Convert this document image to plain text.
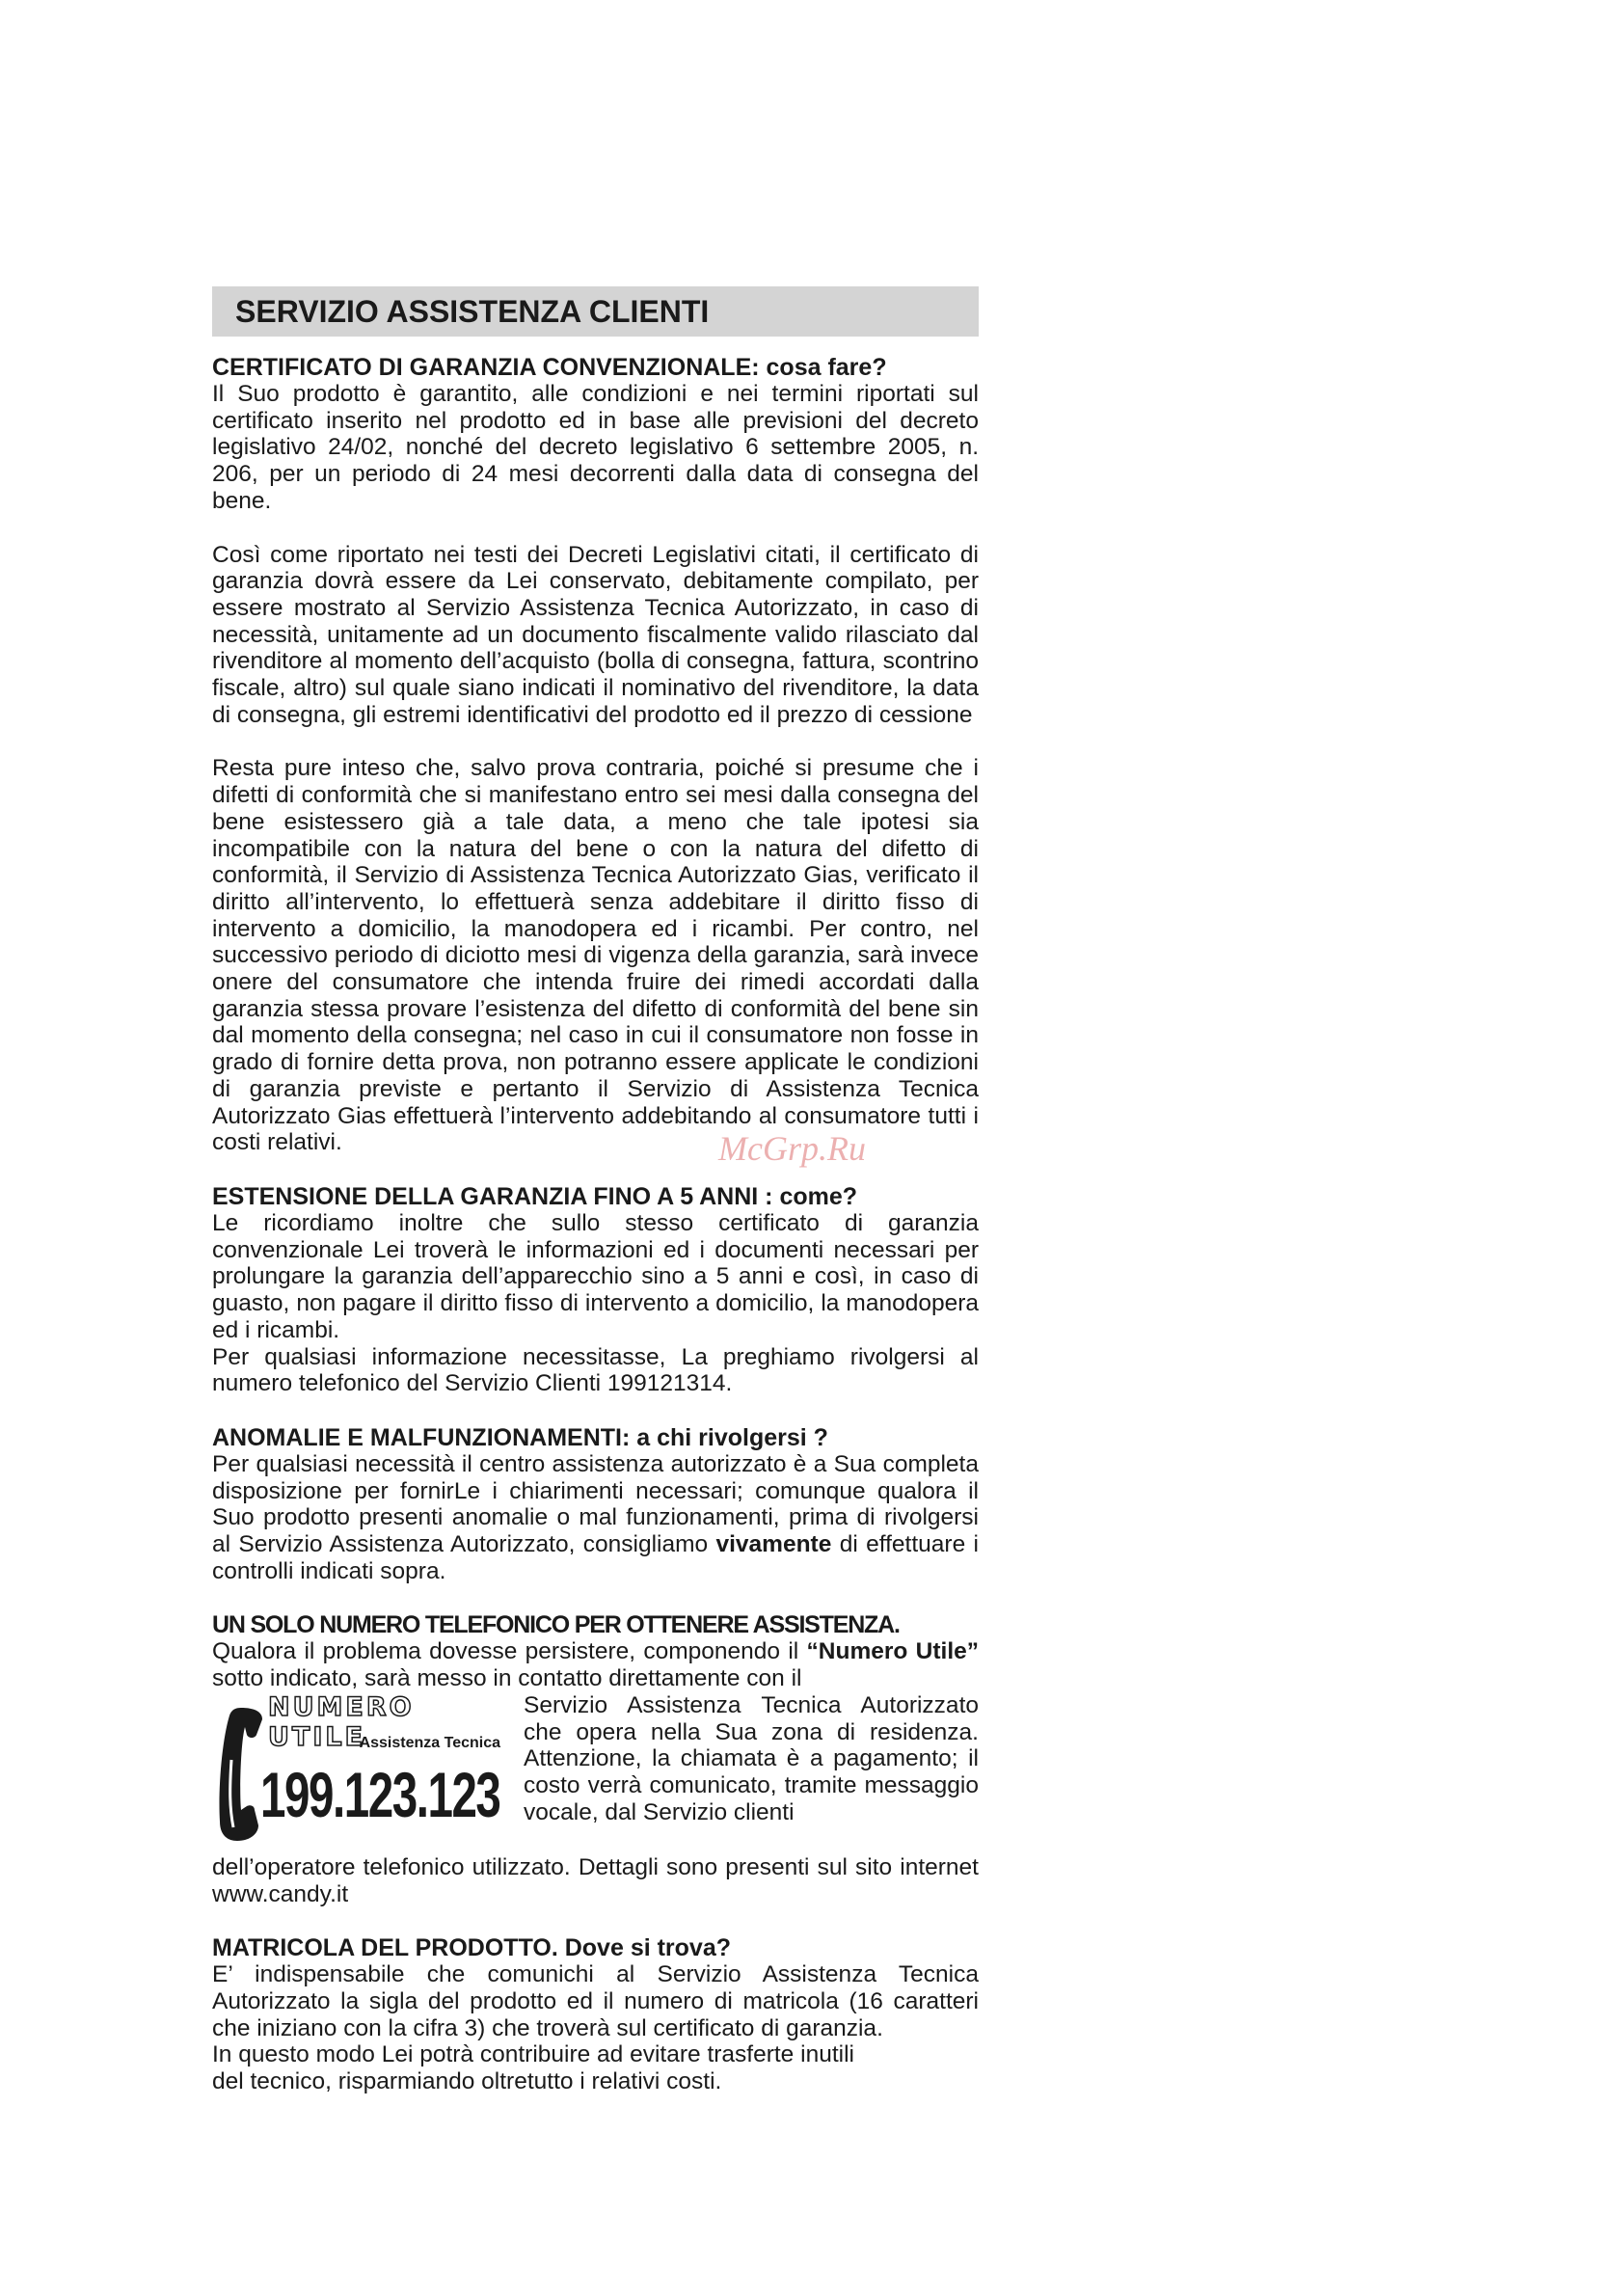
SERVIZIO ASSISTENZA CLIENTI
CERTIFICATO DI GARANZIA CONVENZIONALE: cosa fare?

Il Suo prodotto è garantito, alle condizioni e nei termini riportati sul certificato inserito nel prodotto ed in base alle previsioni del decreto legislativo 24/02, nonché del decreto legislativo 6 settembre 2005, n. 206, per un periodo di 24 mesi decorrenti dalla data di consegna del bene.

Così come riportato nei testi dei Decreti Legislativi citati, il certificato di garanzia dovrà essere da Lei conservato, debitamente compilato, per essere mostrato al Servizio Assistenza Tecnica Autorizzato, in caso di necessità, unitamente ad un documento fiscalmente valido rilasciato dal rivenditore al momento dell’acquisto (bolla di consegna, fattura, scontrino fiscale, altro) sul quale siano indicati il nominativo del rivenditore, la data di consegna, gli estremi identificativi del prodotto ed il prezzo di cessione

Resta pure inteso che, salvo prova contraria, poiché si presume che i difetti di conformità che si manifestano entro sei mesi dalla consegna del bene esistessero già a tale data, a meno che tale ipotesi sia incompatibile con la natura del bene o con la natura del difetto di conformità, il Servizio di Assistenza Tecnica Autorizzato Gias, verificato il diritto all’intervento, lo effettuerà senza addebitare il diritto fisso di intervento a domicilio, la manodopera ed i ricambi. Per contro, nel successivo periodo di diciotto mesi di vigenza della garanzia, sarà invece onere del consumatore che intenda fruire dei rimedi accordati dalla garanzia stessa provare l’esistenza del difetto di conformità del bene sin dal momento della consegna; nel caso in cui il consumatore non fosse in grado di fornire detta prova, non potranno essere applicate le condizioni di garanzia previste e pertanto il Servizio di Assistenza Tecnica Autorizzato Gias effettuerà l’intervento addebitando al consumatore tutti i costi relativi.

ESTENSIONE DELLA GARANZIA FINO A 5 ANNI : come?

Le ricordiamo inoltre che sullo stesso certificato di garanzia convenzionale Lei troverà le informazioni ed i documenti necessari per prolungare la garanzia dell’apparecchio sino a 5 anni e così, in caso di guasto, non pagare il diritto fisso di intervento a domicilio, la manodopera ed i ricambi.

Per qualsiasi informazione necessitasse, La preghiamo rivolgersi al numero telefonico del Servizio Clienti 199121314.

ANOMALIE E MALFUNZIONAMENTI: a chi rivolgersi ?

Per qualsiasi necessità il centro assistenza autorizzato è a Sua completa disposizione per fornirLe i chiarimenti necessari; comunque qualora il Suo prodotto presenti anomalie o mal funzionamenti, prima di rivolgersi al Servizio Assistenza Autorizzato, consigliamo vivamente di effettuare i controlli indicati sopra.

UN SOLO NUMERO TELEFONICO PER OTTENERE ASSISTENZA.

Qualora il problema dovesse persistere, componendo il “Numero Utile” sotto indicato, sarà messo in contatto direttamente con il

NUMERO UTILE
Assistenza Tecnica
199.123.123

Servizio Assistenza Tecnica Autorizzato che opera nella Sua zona di residenza. Attenzione, la chiamata è a pagamento; il costo verrà comunicato, tramite messaggio vocale, dal Servizio clienti

dell’operatore telefonico utilizzato. Dettagli sono presenti sul sito internet www.candy.it

MATRICOLA DEL PRODOTTO. Dove si trova?

E’ indispensabile che comunichi al Servizio Assistenza Tecnica Autorizzato la sigla del prodotto ed il numero di matricola (16 caratteri che iniziano con la cifra 3) che troverà sul certificato di garanzia.

In questo modo Lei potrà contribuire ad evitare trasferte inutili del tecnico, risparmiando oltretutto i relativi costi.

McGrp.Ru
